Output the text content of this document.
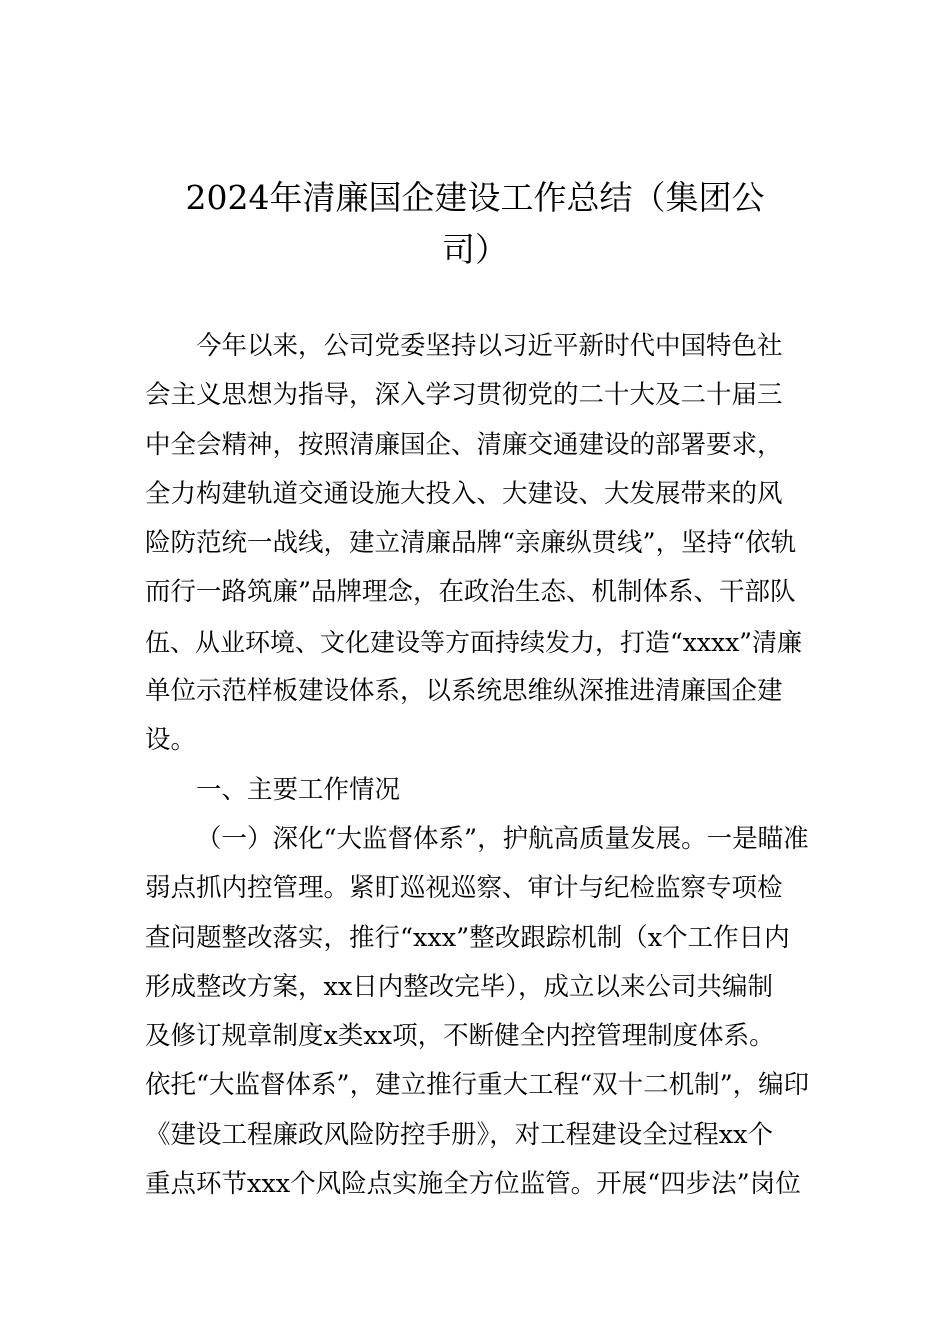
2024年清廉国企建设工作总结（集团公
司）
今年以来，公司党委坚持以习近平新时代中国特色社
会主义思想为指导，深入学习贯彻党的二十大及二十届三
中全会精神，按照清廉国企、清廉交通建设的部署要求，
全力构建轨道交通设施大投入、大建设、大发展带来的风
险防范统一战线，建立清廉品牌“亲廉纵贯线”，坚持“依轨
而行一路筑廉”品牌理念，在政治生态、机制体系、干部队
伍、从业环境、文化建设等方面持续发力，打造“xxxx”清廉
单位示范样板建设体系，以系统思维纵深推进清廉国企建
设。
一、主要工作情况
（一）深化“大监督体系”，护航高质量发展。一是瞄准
弱点抓内控管理。紧盯巡视巡察、审计与纪检监察专项检
查问题整改落实，推行“xxx”整改跟踪机制（x个工作日内
形成整改方案，xx日内整改完毕），成立以来公司共编制
及修订规章制度x类xx项，不断健全内控管理制度体系。
依托“大监督体系”，建立推行重大工程“双十二机制”，编印
《建设工程廉政风险防控手册》，对工程建设全过程xx个
重点环节xxx个风险点实施全方位监管。开展“四步法”岗位
